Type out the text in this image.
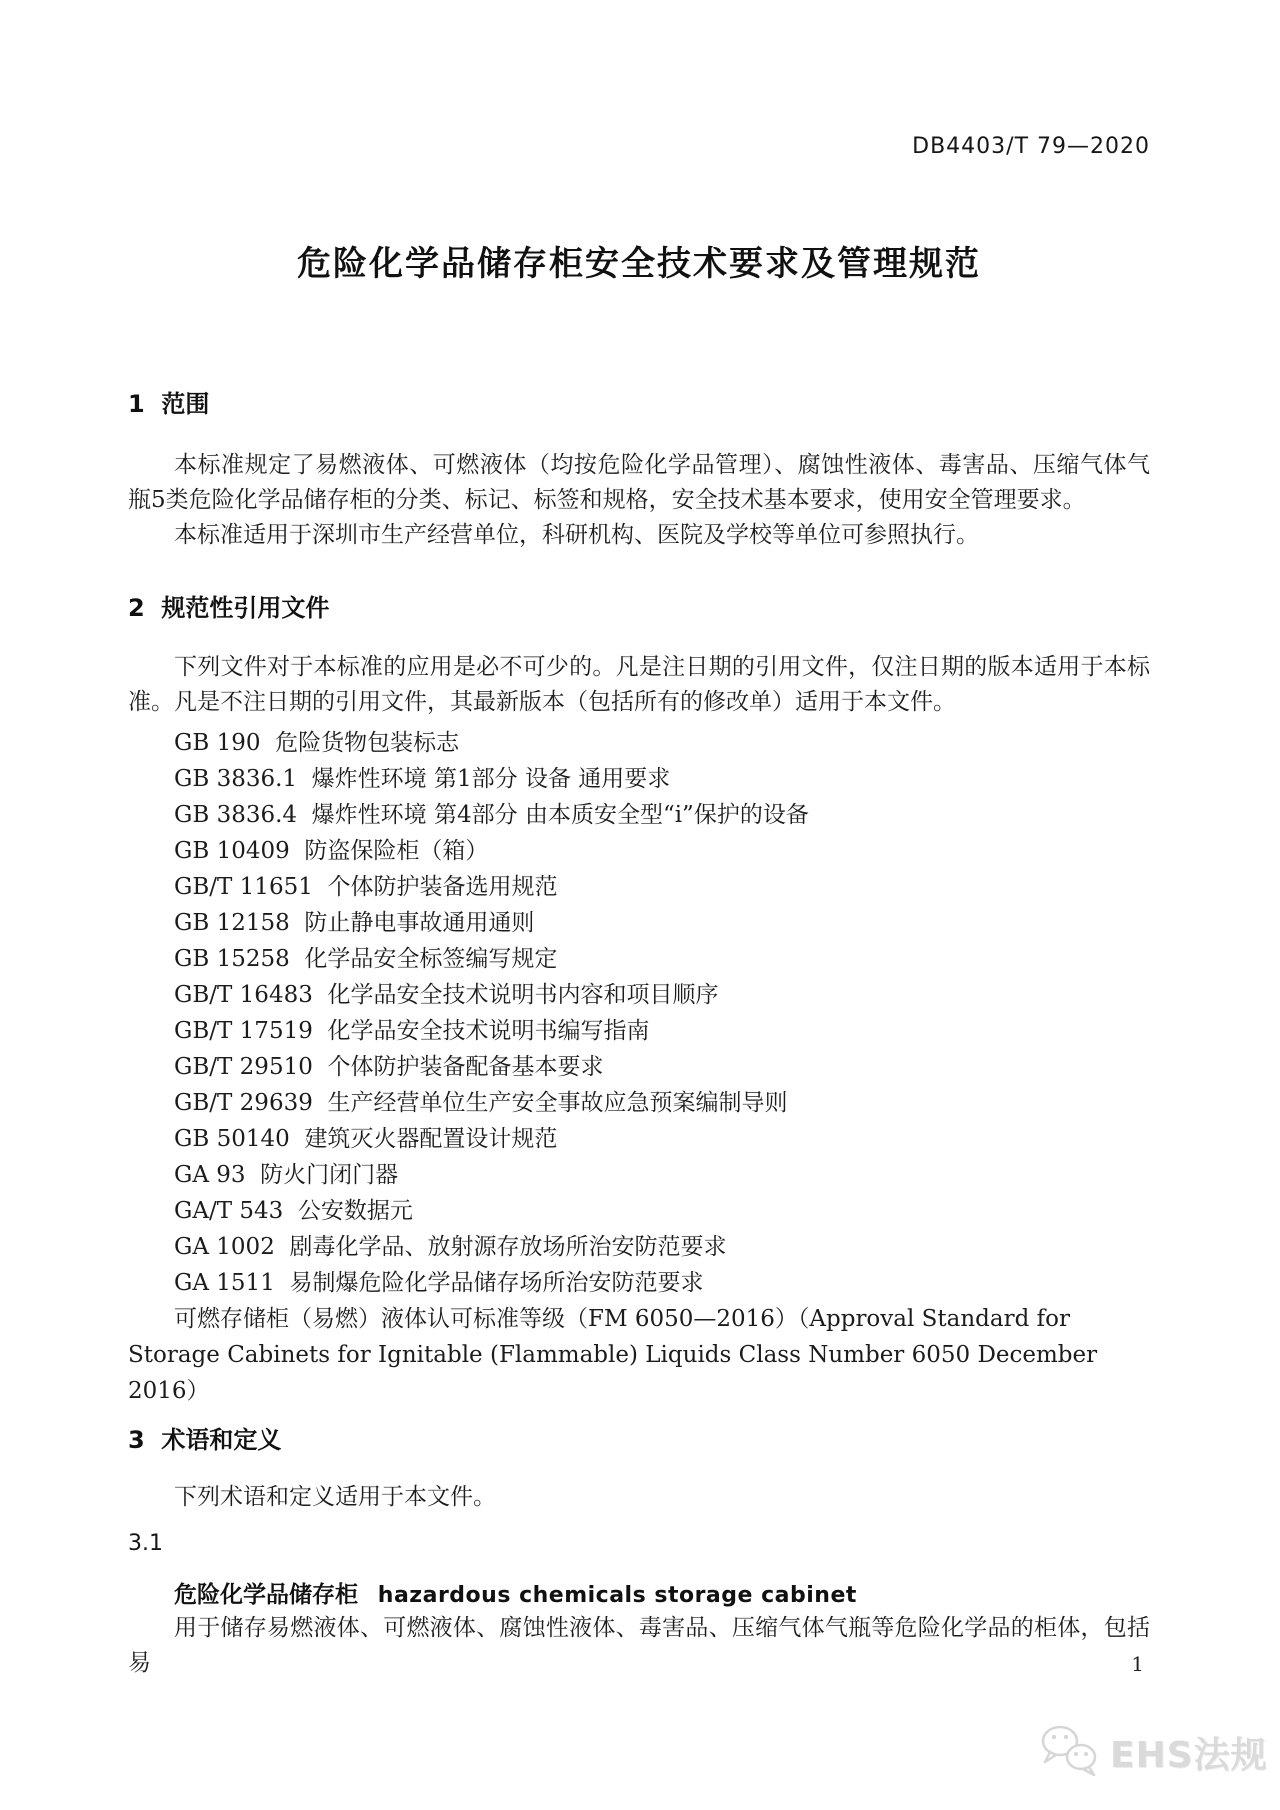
DB4403/T 79—2020
危险化学品储存柜安全技术要求及管理规范
1  范围

本标准规定了易燃液体、可燃液体（均按危险化学品管理）、腐蚀性液体、毒害品、压缩气体气瓶5类危险化学品储存柜的分类、标记、标签和规格，安全技术基本要求，使用安全管理要求。

本标准适用于深圳市生产经营单位，科研机构、医院及学校等单位可参照执行。

2  规范性引用文件

下列文件对于本标准的应用是必不可少的。凡是注日期的引用文件，仅注日期的版本适用于本标准。凡是不注日期的引用文件，其最新版本（包括所有的修改单）适用于本文件。

GB 190  危险货物包装标志

GB 3836.1  爆炸性环境 第1部分 设备 通用要求

GB 3836.4  爆炸性环境 第4部分 由本质安全型“i”保护的设备

GB 10409  防盗保险柜（箱）

GB/T 11651  个体防护装备选用规范

GB 12158  防止静电事故通用通则

GB 15258  化学品安全标签编写规定

GB/T 16483  化学品安全技术说明书内容和项目顺序

GB/T 17519  化学品安全技术说明书编写指南

GB/T 29510  个体防护装备配备基本要求

GB/T 29639  生产经营单位生产安全事故应急预案编制导则

GB 50140  建筑灭火器配置设计规范

GA 93  防火门闭门器

GA/T 543  公安数据元

GA 1002  剧毒化学品、放射源存放场所治安防范要求

GA 1511  易制爆危险化学品储存场所治安防范要求

可燃存储柜（易燃）液体认可标准等级（FM 6050—2016）（Approval Standard for Storage Cabinets for Ignitable (Flammable) Liquids Class Number 6050 December 2016）

3  术语和定义

下列术语和定义适用于本文件。

3.1

危险化学品储存柜 hazardous chemicals storage cabinet

用于储存易燃液体、可燃液体、腐蚀性液体、毒害品、压缩气体气瓶等危险化学品的柜体，包括易	1
EHS法规
